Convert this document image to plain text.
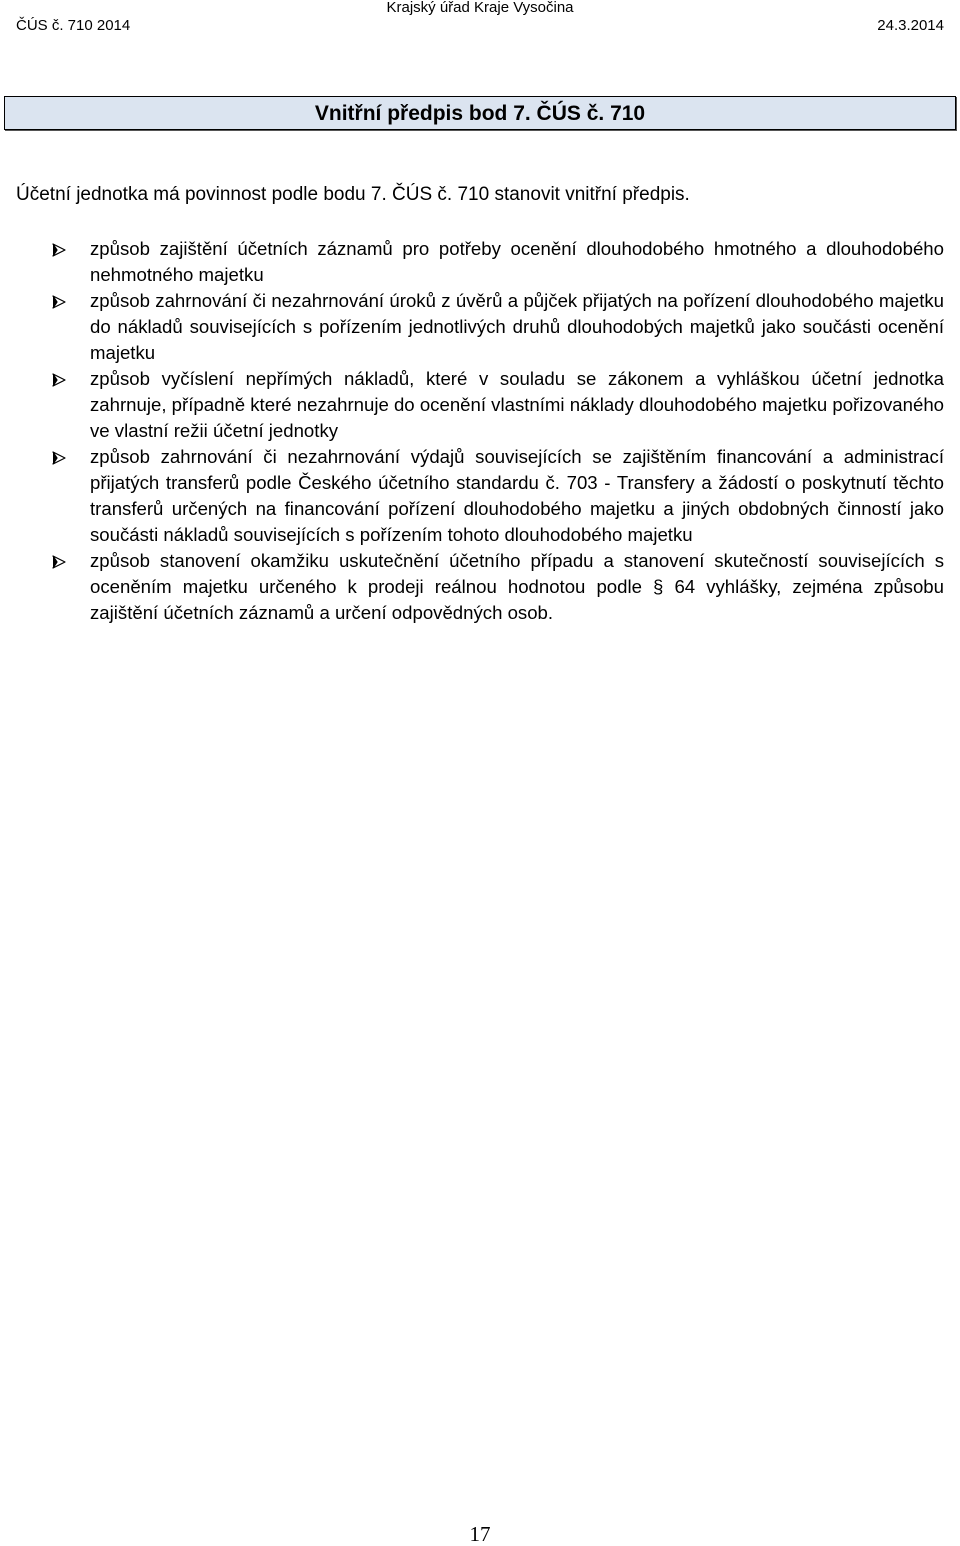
ČÚS č. 710 2014
Krajský úřad Kraje Vysočina
24.3.2014
Vnitřní předpis bod 7. ČÚS č. 710
Účetní jednotka má povinnost podle bodu 7. ČÚS č. 710 stanovit vnitřní předpis.
způsob zajištění účetních záznamů pro potřeby ocenění dlouhodobého hmotného a dlouhodobého nehmotného majetku
způsob zahrnování či nezahrnování úroků z úvěrů a půjček přijatých na pořízení dlouhodobého majetku do nákladů souvisejících s pořízením jednotlivých druhů dlouhodobých majetků jako součásti ocenění majetku
způsob vyčíslení nepřímých nákladů, které v souladu se zákonem a vyhláškou účetní jednotka zahrnuje, případně které nezahrnuje do ocenění vlastními náklady dlouhodobého majetku pořizovaného ve vlastní režii účetní jednotky
způsob zahrnování či nezahrnování výdajů souvisejících se zajištěním financování a administrací přijatých transferů podle Českého účetního standardu č. 703 - Transfery a žádostí o poskytnutí těchto transferů určených na financování pořízení dlouhodobého majetku a jiných obdobných činností jako součásti nákladů souvisejících s pořízením tohoto dlouhodobého majetku
způsob stanovení okamžiku uskutečnění účetního případu a stanovení skutečností souvisejících s oceněním majetku určeného k prodeji reálnou hodnotou podle § 64 vyhlášky, zejména způsobu zajištění účetních záznamů a určení odpovědných osob.
17
